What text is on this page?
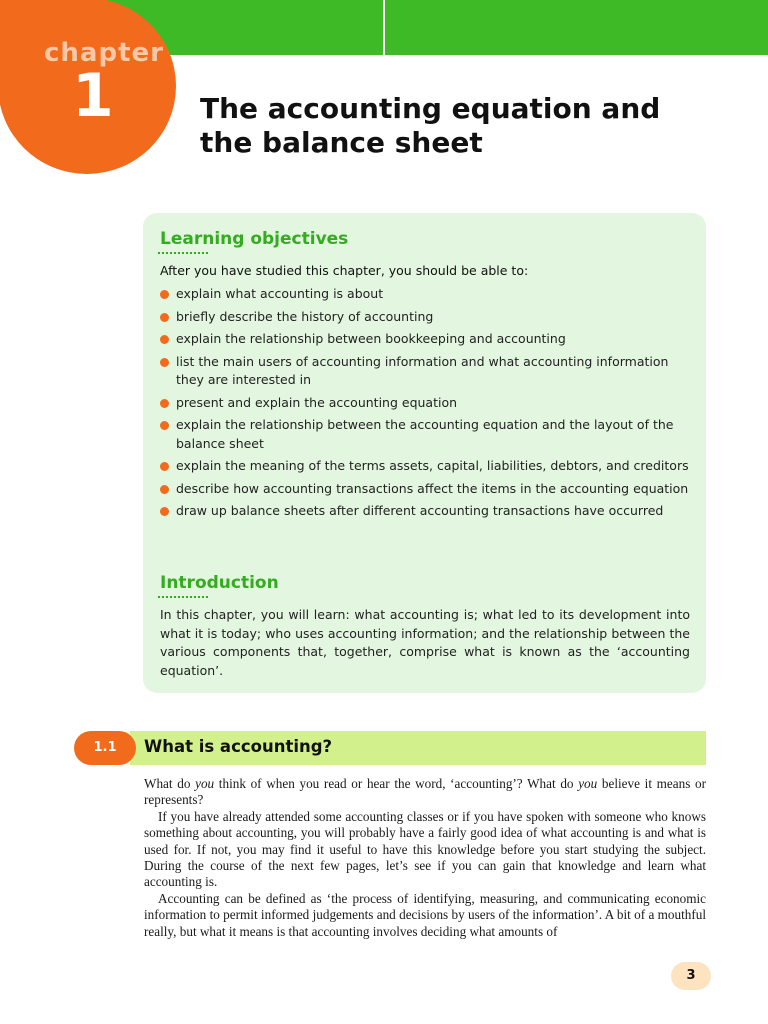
chapter
1	The accounting equation and
the balance sheet
Learning objectives
After you have studied this chapter, you should be able to:
explain what accounting is about
briefly describe the history of accounting
explain the relationship between bookkeeping and accounting
list the main users of accounting information and what accounting information they are interested in
present and explain the accounting equation
explain the relationship between the accounting equation and the layout of the balance sheet
explain the meaning of the terms assets, capital, liabilities, debtors, and creditors
describe how accounting transactions affect the items in the accounting equation
draw up balance sheets after different accounting transactions have occurred
Introduction
In this chapter, you will learn: what accounting is; what led to its development into what it is today; who uses accounting information; and the relationship between the various components that, together, comprise what is known as the ‘accounting equation’.
1.1	What is accounting?

What do you think of when you read or hear the word, ‘accounting’? What do you believe it means or represents?

If you have already attended some accounting classes or if you have spoken with someone who knows something about accounting, you will probably have a fairly good idea of what accounting is and what is used for. If not, you may find it useful to have this knowledge before you start studying the subject. During the course of the next few pages, let’s see if you can gain that knowledge and learn what accounting is.

Accounting can be defined as ‘the process of identifying, measuring, and communicating economic information to permit informed judgements and decisions by users of the information’. A bit of a mouthful really, but what it means is that accounting involves deciding what amounts of

3
